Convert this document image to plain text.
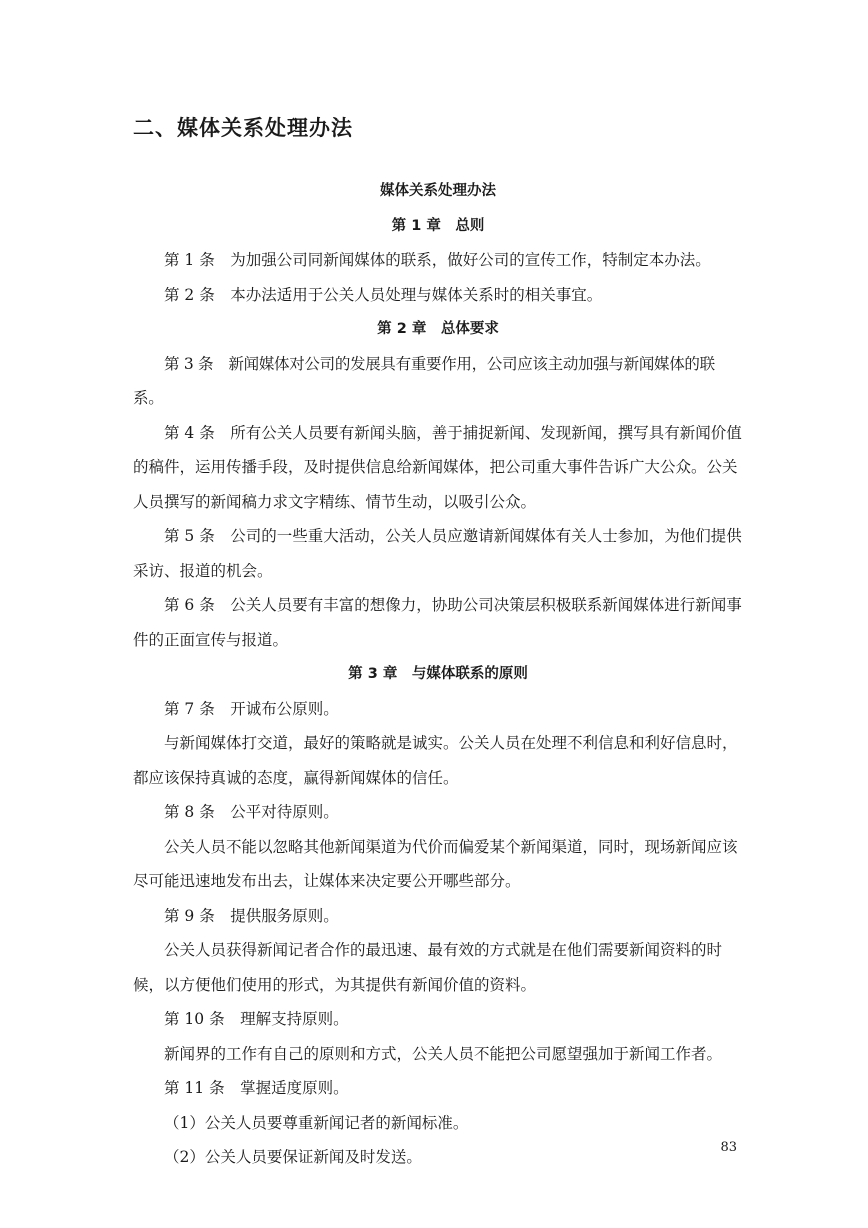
二、媒体关系处理办法

媒体关系处理办法

第 1 章　总则

第 1 条　为加强公司同新闻媒体的联系，做好公司的宣传工作，特制定本办法。

第 2 条　本办法适用于公关人员处理与媒体关系时的相关事宜。

第 2 章　总体要求

第 3 条　新闻媒体对公司的发展具有重要作用，公司应该主动加强与新闻媒体的联系。

第 4 条　所有公关人员要有新闻头脑，善于捕捉新闻、发现新闻，撰写具有新闻价值的稿件，运用传播手段，及时提供信息给新闻媒体，把公司重大事件告诉广大公众。公关人员撰写的新闻稿力求文字精练、情节生动，以吸引公众。

第 5 条　公司的一些重大活动，公关人员应邀请新闻媒体有关人士参加，为他们提供采访、报道的机会。

第 6 条　公关人员要有丰富的想像力，协助公司决策层积极联系新闻媒体进行新闻事件的正面宣传与报道。

第 3 章　与媒体联系的原则

第 7 条　开诚布公原则。

与新闻媒体打交道，最好的策略就是诚实。公关人员在处理不利信息和利好信息时，都应该保持真诚的态度，赢得新闻媒体的信任。

第 8 条　公平对待原则。

公关人员不能以忽略其他新闻渠道为代价而偏爱某个新闻渠道，同时，现场新闻应该尽可能迅速地发布出去，让媒体来决定要公开哪些部分。

第 9 条　提供服务原则。

公关人员获得新闻记者合作的最迅速、最有效的方式就是在他们需要新闻资料的时候，以方便他们使用的形式，为其提供有新闻价值的资料。

第 10 条　理解支持原则。

新闻界的工作有自己的原则和方式，公关人员不能把公司愿望强加于新闻工作者。

第 11 条　掌握适度原则。

（1）公关人员要尊重新闻记者的新闻标准。

（2）公关人员要保证新闻及时发送。

83
